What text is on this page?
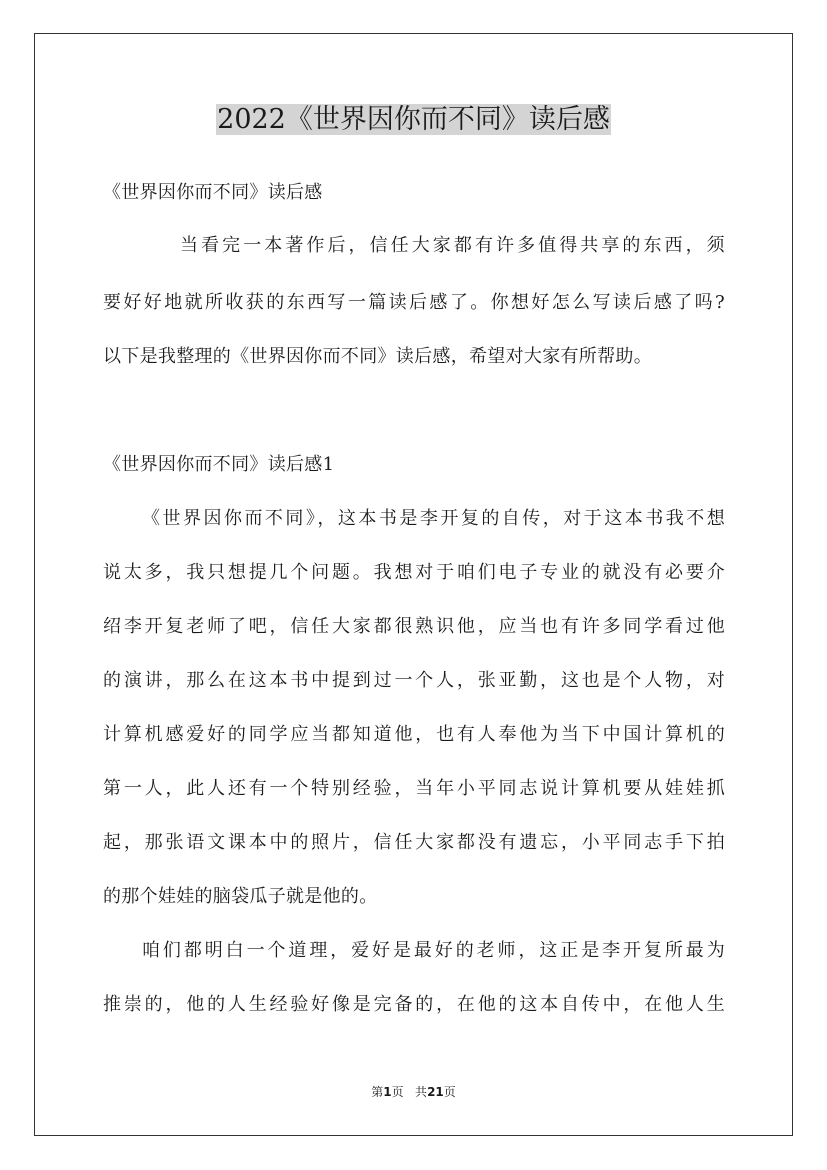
2022《世界因你而不同》读后感
《世界因你而不同》读后感
当看完一本著作后，信任大家都有许多值得共享的东西，须
要好好地就所收获的东西写一篇读后感了。你想好怎么写读后感了吗?
以下是我整理的《世界因你而不同》读后感，希望对大家有所帮助。
《世界因你而不同》读后感1
《世界因你而不同》，这本书是李开复的自传，对于这本书我不想
说太多，我只想提几个问题。我想对于咱们电子专业的就没有必要介
绍李开复老师了吧，信任大家都很熟识他，应当也有许多同学看过他
的演讲，那么在这本书中提到过一个人，张亚勤，这也是个人物，对
计算机感爱好的同学应当都知道他，也有人奉他为当下中国计算机的
第一人，此人还有一个特别经验，当年小平同志说计算机要从娃娃抓
起，那张语文课本中的照片，信任大家都没有遗忘，小平同志手下拍
的那个娃娃的脑袋瓜子就是他的。
咱们都明白一个道理，爱好是最好的老师，这正是李开复所最为
推崇的，他的人生经验好像是完备的，在他的这本自传中，在他人生
第1页 共21页
